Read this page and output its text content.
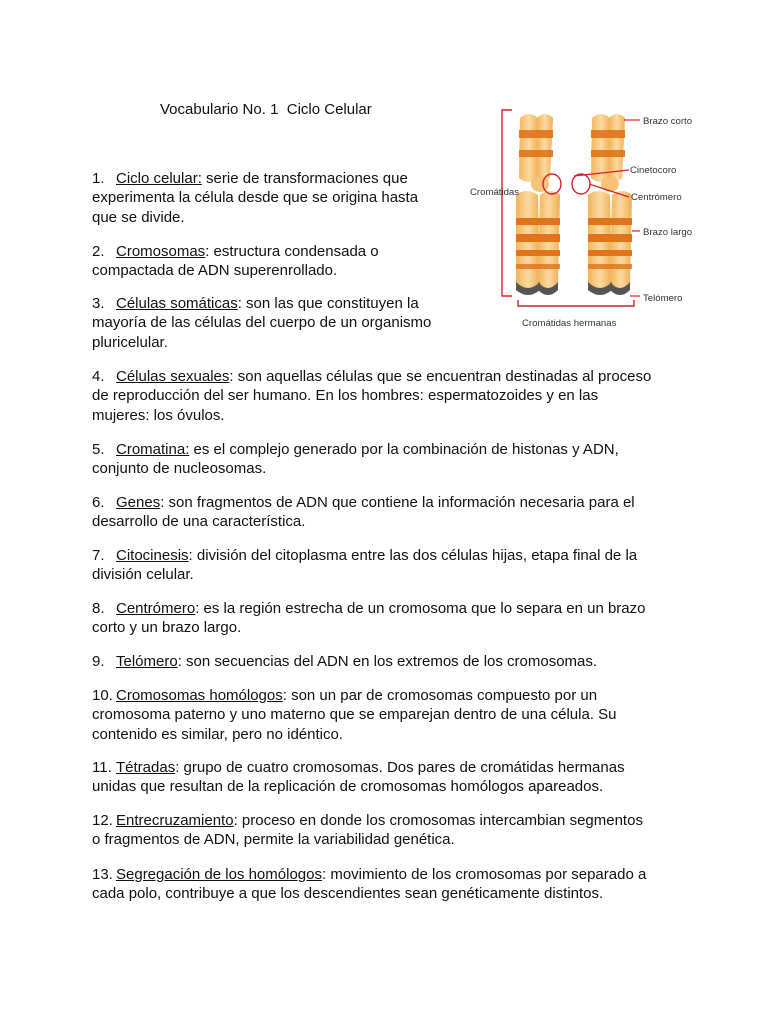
Vocabulario No. 1  Ciclo Celular
Brazo corto
Cinetocoro
Centrómero
Brazo largo
Telómero
Cromátidas
Cromátidas hermanas

1. Ciclo celular: serie de transformaciones que experimenta la célula desde que se origina hasta que se divide.

2. Cromosomas: estructura condensada o compactada de ADN superenrollado.

3. Células somáticas: son las que constituyen la mayoría de las células del cuerpo de un organismo pluricelular.

4. Células sexuales: son aquellas células que se encuentran destinadas al proceso de reproducción del ser humano. En los hombres: espermatozoides y en las mujeres: los óvulos.

5. Cromatina: es el complejo generado por la combinación de histonas y ADN, conjunto de nucleosomas.

6. Genes: son fragmentos de ADN que contiene la información necesaria para el desarrollo de una característica.

7. Citocinesis: división del citoplasma entre las dos células hijas, etapa final de la división celular.

8. Centrómero: es la región estrecha de un cromosoma que lo separa en un brazo corto y un brazo largo.

9. Telómero: son secuencias del ADN en los extremos de los cromosomas.

10. Cromosomas homólogos: son un par de cromosomas compuesto por un cromosoma paterno y uno materno que se emparejan dentro de una célula. Su contenido es similar, pero no idéntico.

11. Tétradas: grupo de cuatro cromosomas. Dos pares de cromátidas hermanas unidas que resultan de la replicación de cromosomas homólogos apareados.

12. Entrecruzamiento: proceso en donde los cromosomas intercambian segmentos o fragmentos de ADN, permite la variabilidad genética.

13. Segregación de los homólogos: movimiento de los cromosomas por separado a cada polo, contribuye a que los descendientes sean genéticamente distintos.
